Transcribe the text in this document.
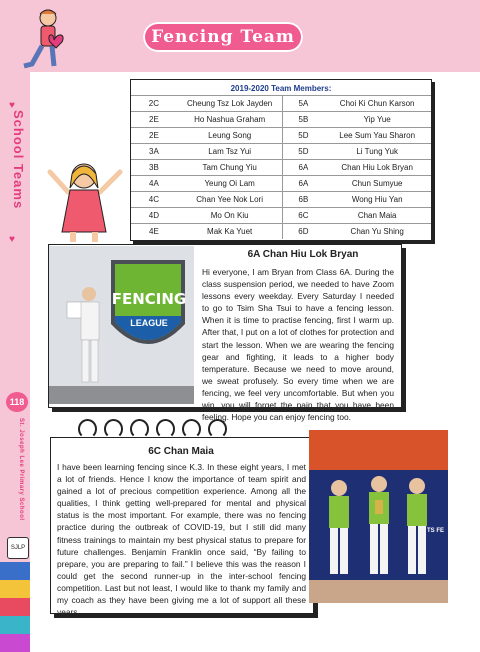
Fencing Team
♥
School Teams
♥
118
St. Joseph Lee Primary School
SJLP
2019-2020 Team Members:
2C	Cheung Tsz Lok Jayden	5A	Choi Ki Chun Karson
2E	Ho Nashua Graham	5B	Yip Yue
2E	Leung Song	5D	Lee Sum Yau Sharon
3A	Lam Tsz Yui	5D	Li Tung Yuk
3B	Tam Chung Yiu	6A	Chan Hiu Lok Bryan
4A	Yeung Oi Lam	6A	Chun Sumyue
4C	Chan Yee Nok Lori	6B	Wong Hiu Yan
4D	Mo On Kiu	6C	Chan Maia
4E	Mak Ka Yuet	6D	Chan Yu Shing
FENCING
LEAGUE
6A Chan Hiu Lok Bryan
Hi everyone, I am Bryan from Class 6A. During the class suspension period, we needed to have Zoom lessons every weekday. Every Saturday I needed to go to Tsim Sha Tsui to have a fencing lesson. When it is time to practise fencing, first I warm up. After that, I put on a lot of clothes for protection and start the lesson. When we are wearing the fencing gear and fighting, it leads to a higher body temperature. Because we need to move around, we sweat profusely. So every time when we are fencing, we feel very uncomfortable. But when you win, you will forget the pain that you have been feeling. Hope you can enjoy fencing too.
6C Chan Maia
I have been learning fencing since K.3. In these eight years, I met a lot of friends. Hence I know the importance of team spirit and gained a lot of precious competition experience. Among all the qualities, I think getting well-prepared for mental and physical status is the most important. For example, there was no fencing practice during the outbreak of COVID-19, but I still did many fitness trainings to maintain my best physical status to prepare for future challenges. Benjamin Franklin once said, “By failing to prepare, you are preparing to fail.” I believe this was the reason I could get the second runner-up in the inter-school fencing competition. Last but not least, I would like to thank my family and my coach as they have been giving me a lot of support all these years.
TS FE
